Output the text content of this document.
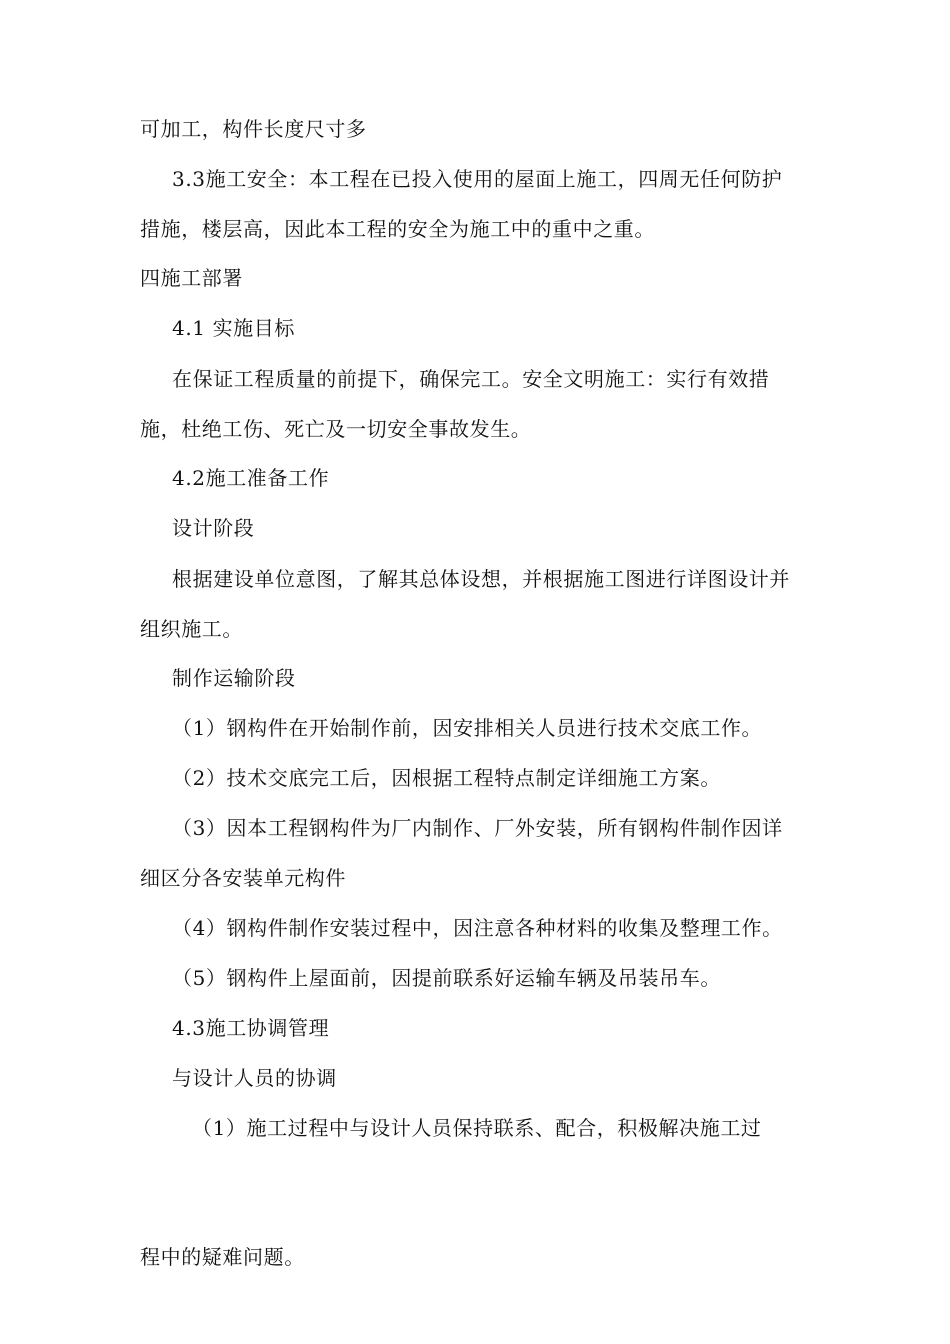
可加工，构件长度尺寸多
3.3施工安全：本工程在已投入使用的屋面上施工，四周无任何防护
措施，楼层高，因此本工程的安全为施工中的重中之重。
四施工部署
4.1 实施目标
在保证工程质量的前提下，确保完工。安全文明施工：实行有效措
施，杜绝工伤、死亡及一切安全事故发生。
4.2施工准备工作
设计阶段
根据建设单位意图，了解其总体设想，并根据施工图进行详图设计并
组织施工。
制作运输阶段
（1）钢构件在开始制作前，因安排相关人员进行技术交底工作。
（2）技术交底完工后，因根据工程特点制定详细施工方案。
（3）因本工程钢构件为厂内制作、厂外安装，所有钢构件制作因详
细区分各安装单元构件
（4）钢构件制作安装过程中，因注意各种材料的收集及整理工作。
（5）钢构件上屋面前，因提前联系好运输车辆及吊装吊车。
4.3施工协调管理
与设计人员的协调
（1）施工过程中与设计人员保持联系、配合，积极解决施工过
程中的疑难问题。
